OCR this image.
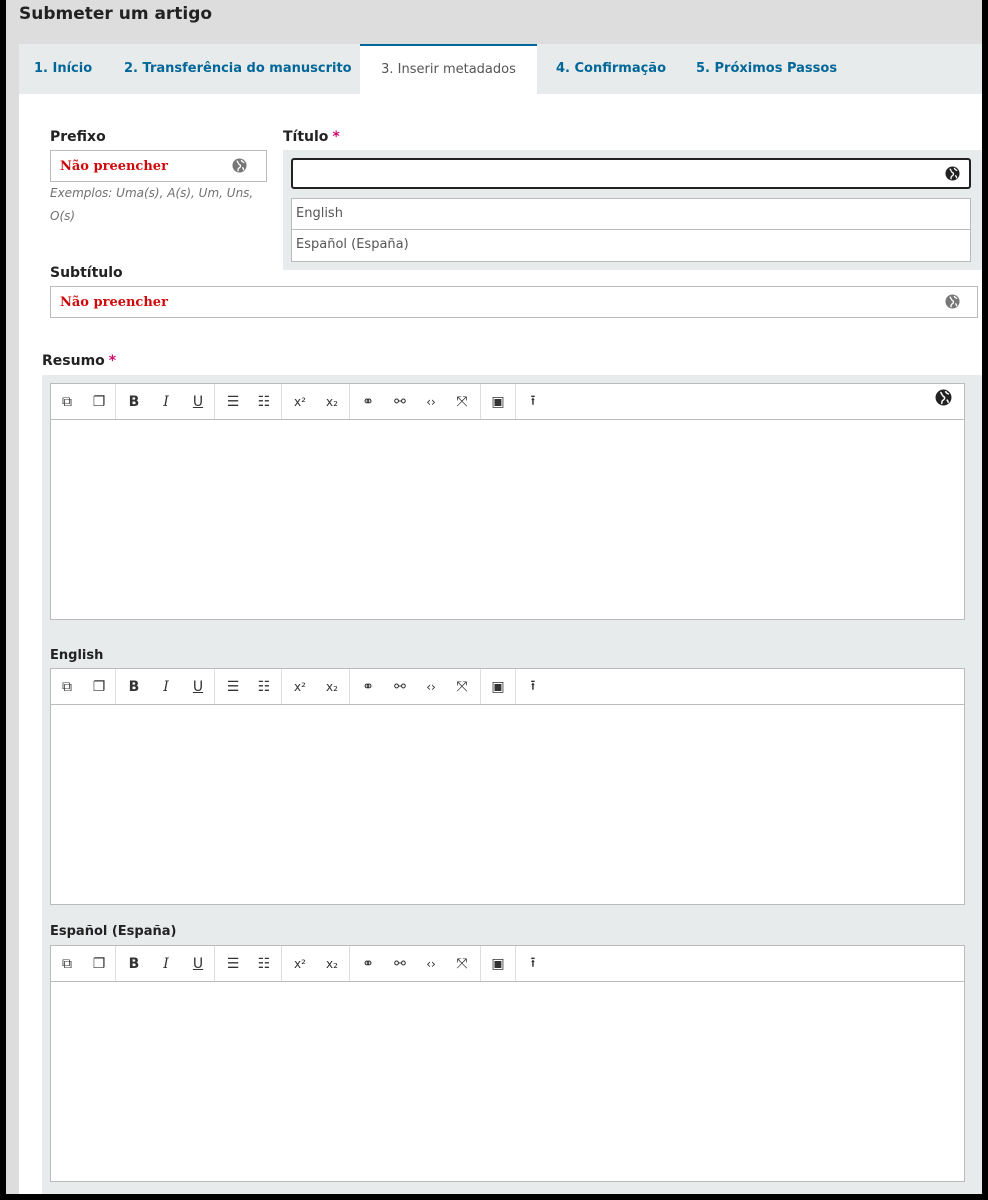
Submeter um artigo
1. Início 2. Transferência do manuscrito	3. Inserir metadados	4. Confirmação 5. Próximos Passos
Prefixo
Não preencher
Exemplos: Uma(s), A(s), Um, Uns, O(s)
Título *
English
Español (España)
Subtítulo
Não preencher
Resumo *
⧉	❐	B	I	U	☰	☷	x²	x₂	⚭	⚯	‹›	⤧	▣	⭱
English
⧉	❐	B	I	U	☰	☷	x²	x₂	⚭	⚯	‹›	⤧	▣	⭱
Español (España)
⧉	❐	B	I	U	☰	☷	x²	x₂	⚭	⚯	‹›	⤧	▣	⭱
